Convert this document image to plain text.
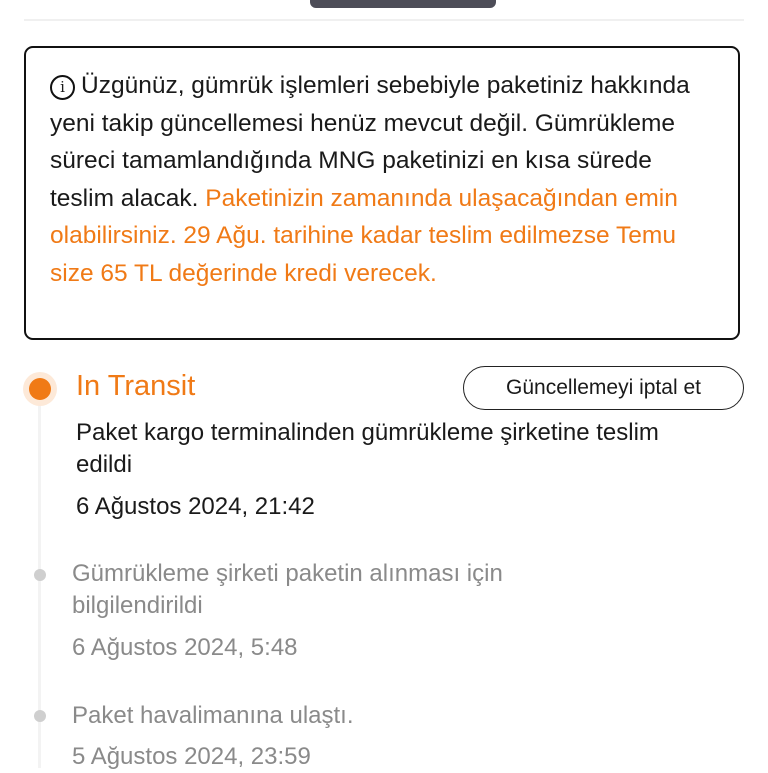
i Üzgünüz, gümrük işlemleri sebebiyle paketiniz hakkında yeni takip güncellemesi henüz mevcut değil. Gümrükleme süreci tamamlandığında MNG paketinizi en kısa sürede teslim alacak. Paketinizin zamanında ulaşacağından emin olabilirsiniz. 29 Ağu. tarihine kadar teslim edilmezse Temu size 65 TL değerinde kredi verecek.
In Transit	Güncellemeyi iptal et
Paket kargo terminalinden gümrükleme şirketine teslim edildi
6 Ağustos 2024, 21:42
Gümrükleme şirketi paketin alınması için bilgilendirildi
6 Ağustos 2024, 5:48
Paket havalimanına ulaştı.
5 Ağustos 2024, 23:59
